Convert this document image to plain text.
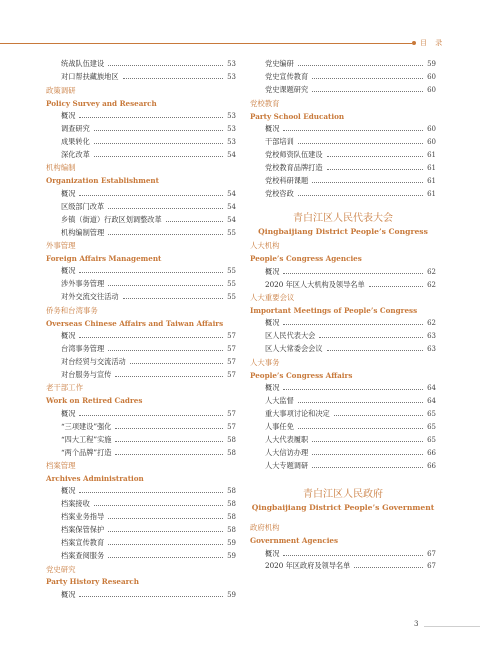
目 录
统战队伍建设	53
对口帮扶藏族地区	53
政策调研
Policy Survey and Research
概况	53
调查研究	53
成果转化	53
深化改革	54
机构编制
Organization Establishment
概况	54
区级部门改革	54
乡镇（街道）行政区划调整改革	54
机构编制管理	55
外事管理
Foreign Affairs Management
概况	55
涉外事务管理	55
对外交流交往活动	55
侨务和台湾事务
Overseas Chinese Affairs and Taiwan Affairs
概况	57
台湾事务管理	57
对台经贸与交流活动	57
对台服务与宣传	57
老干部工作
Work on Retired Cadres
概况	57
“三项建设”强化	57
“四大工程”实施	58
“两个品牌”打造	58
档案管理
Archives Administration
概况	58
档案接收	58
档案业务指导	58
档案保管保护	58
档案宣传教育	59
档案查阅服务	59
党史研究
Party History Research
概况	59
党史编研	59
党史宣传教育	60
党史课题研究	60
党校教育
Party School Education
概况	60
干部培训	60
党校师资队伍建设	61
党校教育品牌打造	61
党校科研课题	61
党校咨政	61
青白江区人民代表大会
Qingbaijiang District People’s Congress
人大机构
People’s Congress Agencies
概况	62
2020 年区人大机构及领导名单	62
人大重要会议
Important Meetings of People’s Congress
概况	62
区人民代表大会	63
区人大常委会会议	63
人大事务
People’s Congress Affairs
概况	64
人大监督	64
重大事项讨论和决定	65
人事任免	65
人大代表履职	65
人大信访办理	66
人大专题调研	66
青白江区人民政府
Qingbaijiang District People’s Government
政府机构
Government Agencies
概况	67
2020 年区政府及领导名单	67
3
